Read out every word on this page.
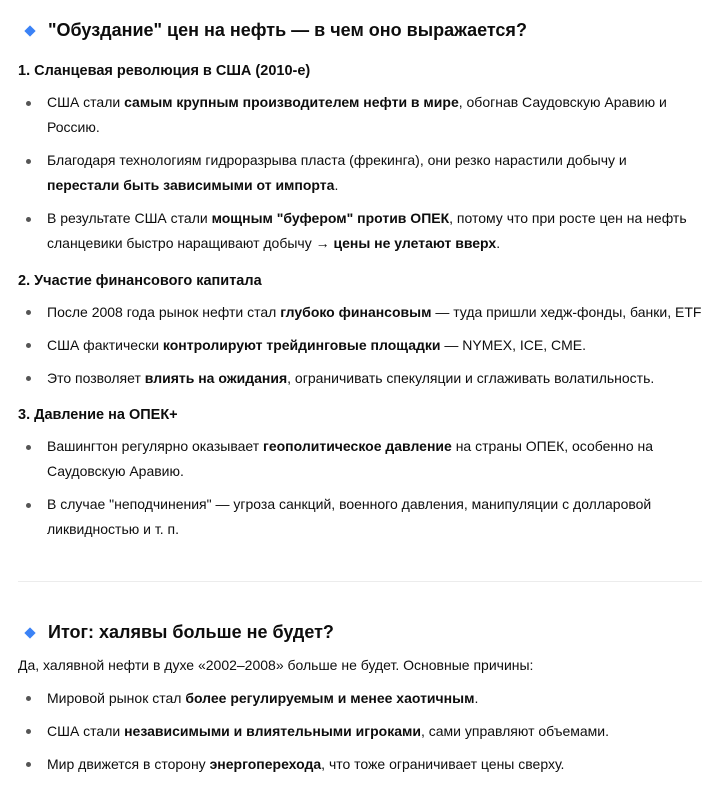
"Обуздание" цен на нефть — в чем оно выражается?
1. Сланцевая революция в США (2010-е)
США стали самым крупным производителем нефти в мире, обогнав Саудовскую Аравию и
Россию.
Благодаря технологиям гидроразрыва пласта (фрекинга), они резко нарастили добычу и
перестали быть зависимыми от импорта.
В результате США стали мощным "буфером" против ОПЕК, потому что при росте цен на нефть
сланцевики быстро наращивают добычу → цены не улетают вверх.
2. Участие финансового капитала
После 2008 года рынок нефти стал глубоко финансовым — туда пришли хедж-фонды, банки, ETF
США фактически контролируют трейдинговые площадки — NYMEX, ICE, CME.
Это позволяет влиять на ожидания, ограничивать спекуляции и сглаживать волатильность.
3. Давление на ОПЕК+
Вашингтон регулярно оказывает геополитическое давление на страны ОПЕК, особенно на
Саудовскую Аравию.
В случае "неподчинения" — угроза санкций, военного давления, манипуляции с долларовой
ликвидностью и т. п.
Итог: халявы больше не будет?
Да, халявной нефти в духе «2002–2008» больше не будет. Основные причины:
Мировой рынок стал более регулируемым и менее хаотичным.
США стали независимыми и влиятельными игроками, сами управляют объемами.
Мир движется в сторону энергоперехода, что тоже ограничивает цены сверху.
